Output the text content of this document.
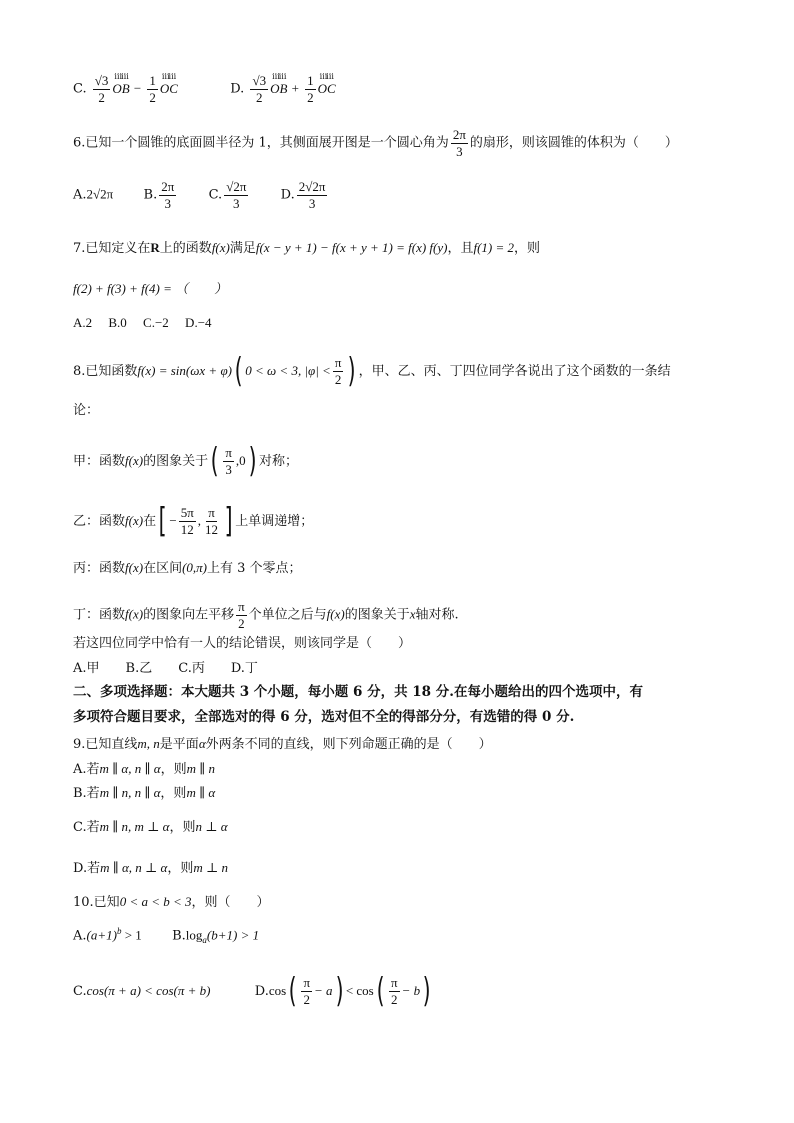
C. $\frac{√3}{2}$ ⅲⅲ OB − $\frac{1}{2}$ ⅲⅲ OC	D. $\frac{√3}{2}$ ⅲⅲ OB + $\frac{1}{2}$ ⅲⅲ OC
6.已知一个圆锥的底面圆半径为 1，其侧面展开图是一个圆心角为 $\frac{2\pi}{3}$ 的扇形，则该圆锥的体积为（　　）
A.2√2π B. $\frac{2\pi}{3} C$. $\frac{√2\pi}{3} D$. $\frac{2√2\pi}{3}$
7.已知定义在R上的函数f(x)满足f(x − y + 1) − f(x + y + 1) = f(x) f(y)，且f(1) = 2，则
f(2) + f(3) + f(4) = （　　）
A.2　 B.0　 C.−2　 D.−4
8.已知函数f(x) = sin(ωx + φ)( 0 < ω < 3, $|\varphi| < \frac{\pi}{2}$ ) ，甲、乙、丙、丁四位同学各说出了这个函数的一条结
论：
甲：函数f(x)的图象关于( $\frac{\pi}{3} ,0$) 对称；
乙：函数f(x)在[ − $\frac{5\pi}{12}$ , $\frac{\pi}{12}$ ] 上单调递增；
丙：函数f(x)在区间(0,π)上有 3 个零点；
丁：函数f(x)的图象向左平移 $\frac{\pi}{2}$ 个单位之后与f(x)的图象关于x轴对称.
若这四位同学中恰有一人的结论错误，则该同学是（　　）
A.甲　　B.乙　　C.丙　　D.丁
二、多项选择题：本大题共 3 个小题，每小题 6 分，共 18 分.在每小题给出的四个选项中，有
多项符合题目要求，全部选对的得 6 分，选对但不全的得部分分，有选错的得 0 分.
9.已知直线m, n是平面α外两条不同的直线，则下列命题正确的是（　　）
A.若m ∥ α, n ∥ α，则m ∥ n
B.若m ∥ n, n ∥ α，则m ∥ α
C.若m ∥ n, m ⊥ α，则n ⊥ α
D.若m ∥ α, n ⊥ α，则m ⊥ n
10.已知0 < a < b < 3，则（　　）
$A.(a+1)^b > 1$ $B.\log_a(b+1) > 1$
C.cos(π + a) < cos(π + b)	$D.\cos( \frac{\pi}{2} - a) < \cos( \frac{\pi}{2} - b)$
